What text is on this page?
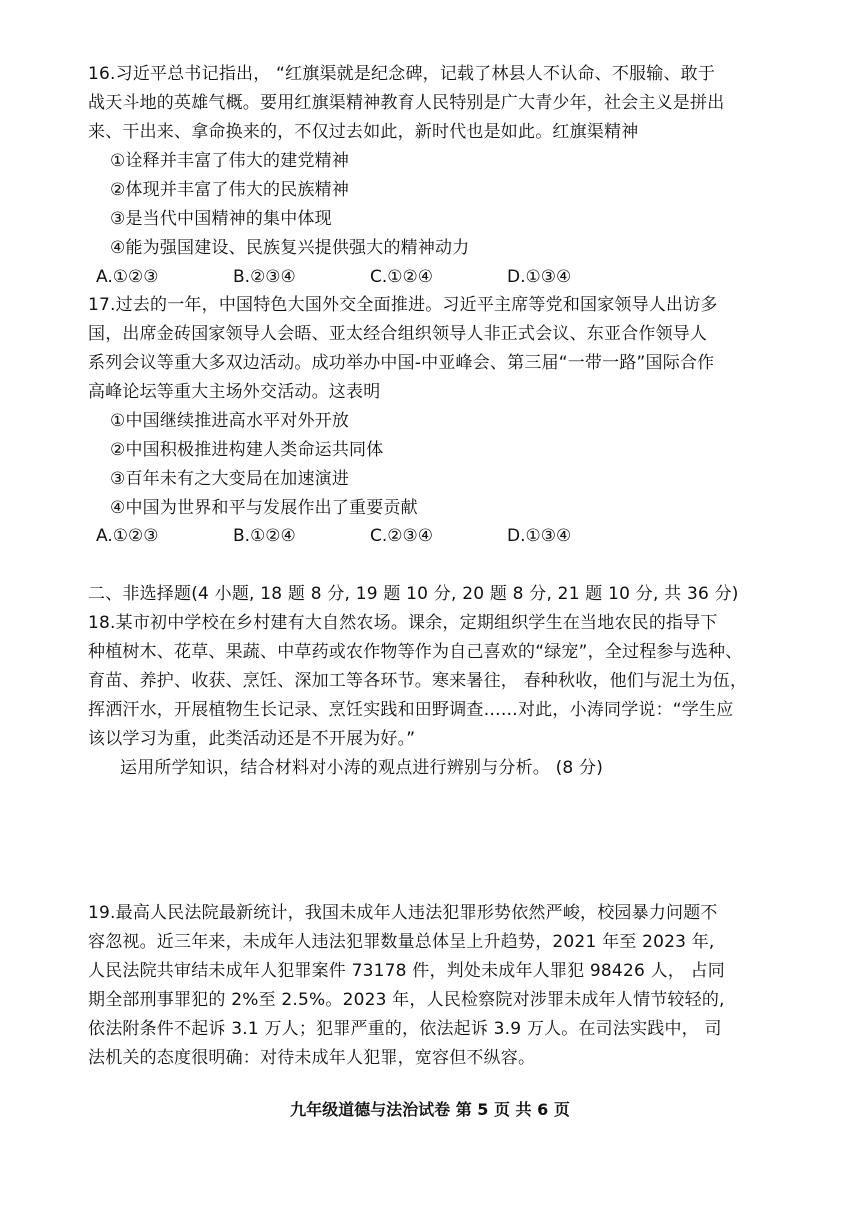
16.习近平总书记指出， “红旗渠就是纪念碑，记载了林县人不认命、不服输、敢于
战天斗地的英雄气概。要用红旗渠精神教育人民特别是广大青少年，社会主义是拼出
来、干出来、拿命换来的，不仅过去如此，新时代也是如此。红旗渠精神
①诠释并丰富了伟大的建党精神
②体现并丰富了伟大的民族精神
③是当代中国精神的集中体现
④能为强国建设、民族复兴提供强大的精神动力
A.①②③	B.②③④	C.①②④	D.①③④
17.过去的一年，中国特色大国外交全面推进。习近平主席等党和国家领导人出访多
国，出席金砖国家领导人会晤、亚太经合组织领导人非正式会议、东亚合作领导人
系列会议等重大多双边活动。成功举办中国-中亚峰会、第三届“一带一路”国际合作
高峰论坛等重大主场外交活动。这表明
①中国继续推进高水平对外开放
②中国积极推进构建人类命运共同体
③百年未有之大变局在加速演进
④中国为世界和平与发展作出了重要贡献
A.①②③	B.①②④	C.②③④	D.①③④
二、非选择题(4 小题, 18 题 8 分, 19 题 10 分, 20 题 8 分, 21 题 10 分, 共 36 分)
18.某市初中学校在乡村建有大自然农场。课余，定期组织学生在当地农民的指导下
种植树木、花草、果蔬、中草药或农作物等作为自己喜欢的“绿宠”，全过程参与选种、
育苗、养护、收获、烹饪、深加工等各环节。寒来暑往， 春种秋收，他们与泥土为伍，
挥洒汗水，开展植物生长记录、烹饪实践和田野调查……对此，小涛同学说：“学生应
该以学习为重，此类活动还是不开展为好。”
运用所学知识，结合材料对小涛的观点进行辨别与分析。 (8 分)
19.最高人民法院最新统计，我国未成年人违法犯罪形势依然严峻，校园暴力问题不
容忽视。近三年来，未成年人违法犯罪数量总体呈上升趋势，2021 年至 2023 年,
人民法院共审结未成年人犯罪案件 73178 件，判处未成年人罪犯 98426 人， 占同
期全部刑事罪犯的 2%至 2.5%。2023 年，人民检察院对涉罪未成年人情节较轻的,
依法附条件不起诉 3.1 万人；犯罪严重的，依法起诉 3.9 万人。在司法实践中， 司
法机关的态度很明确：对待未成年人犯罪，宽容但不纵容。
九年级道德与法治试卷 第 5 页 共 6 页
